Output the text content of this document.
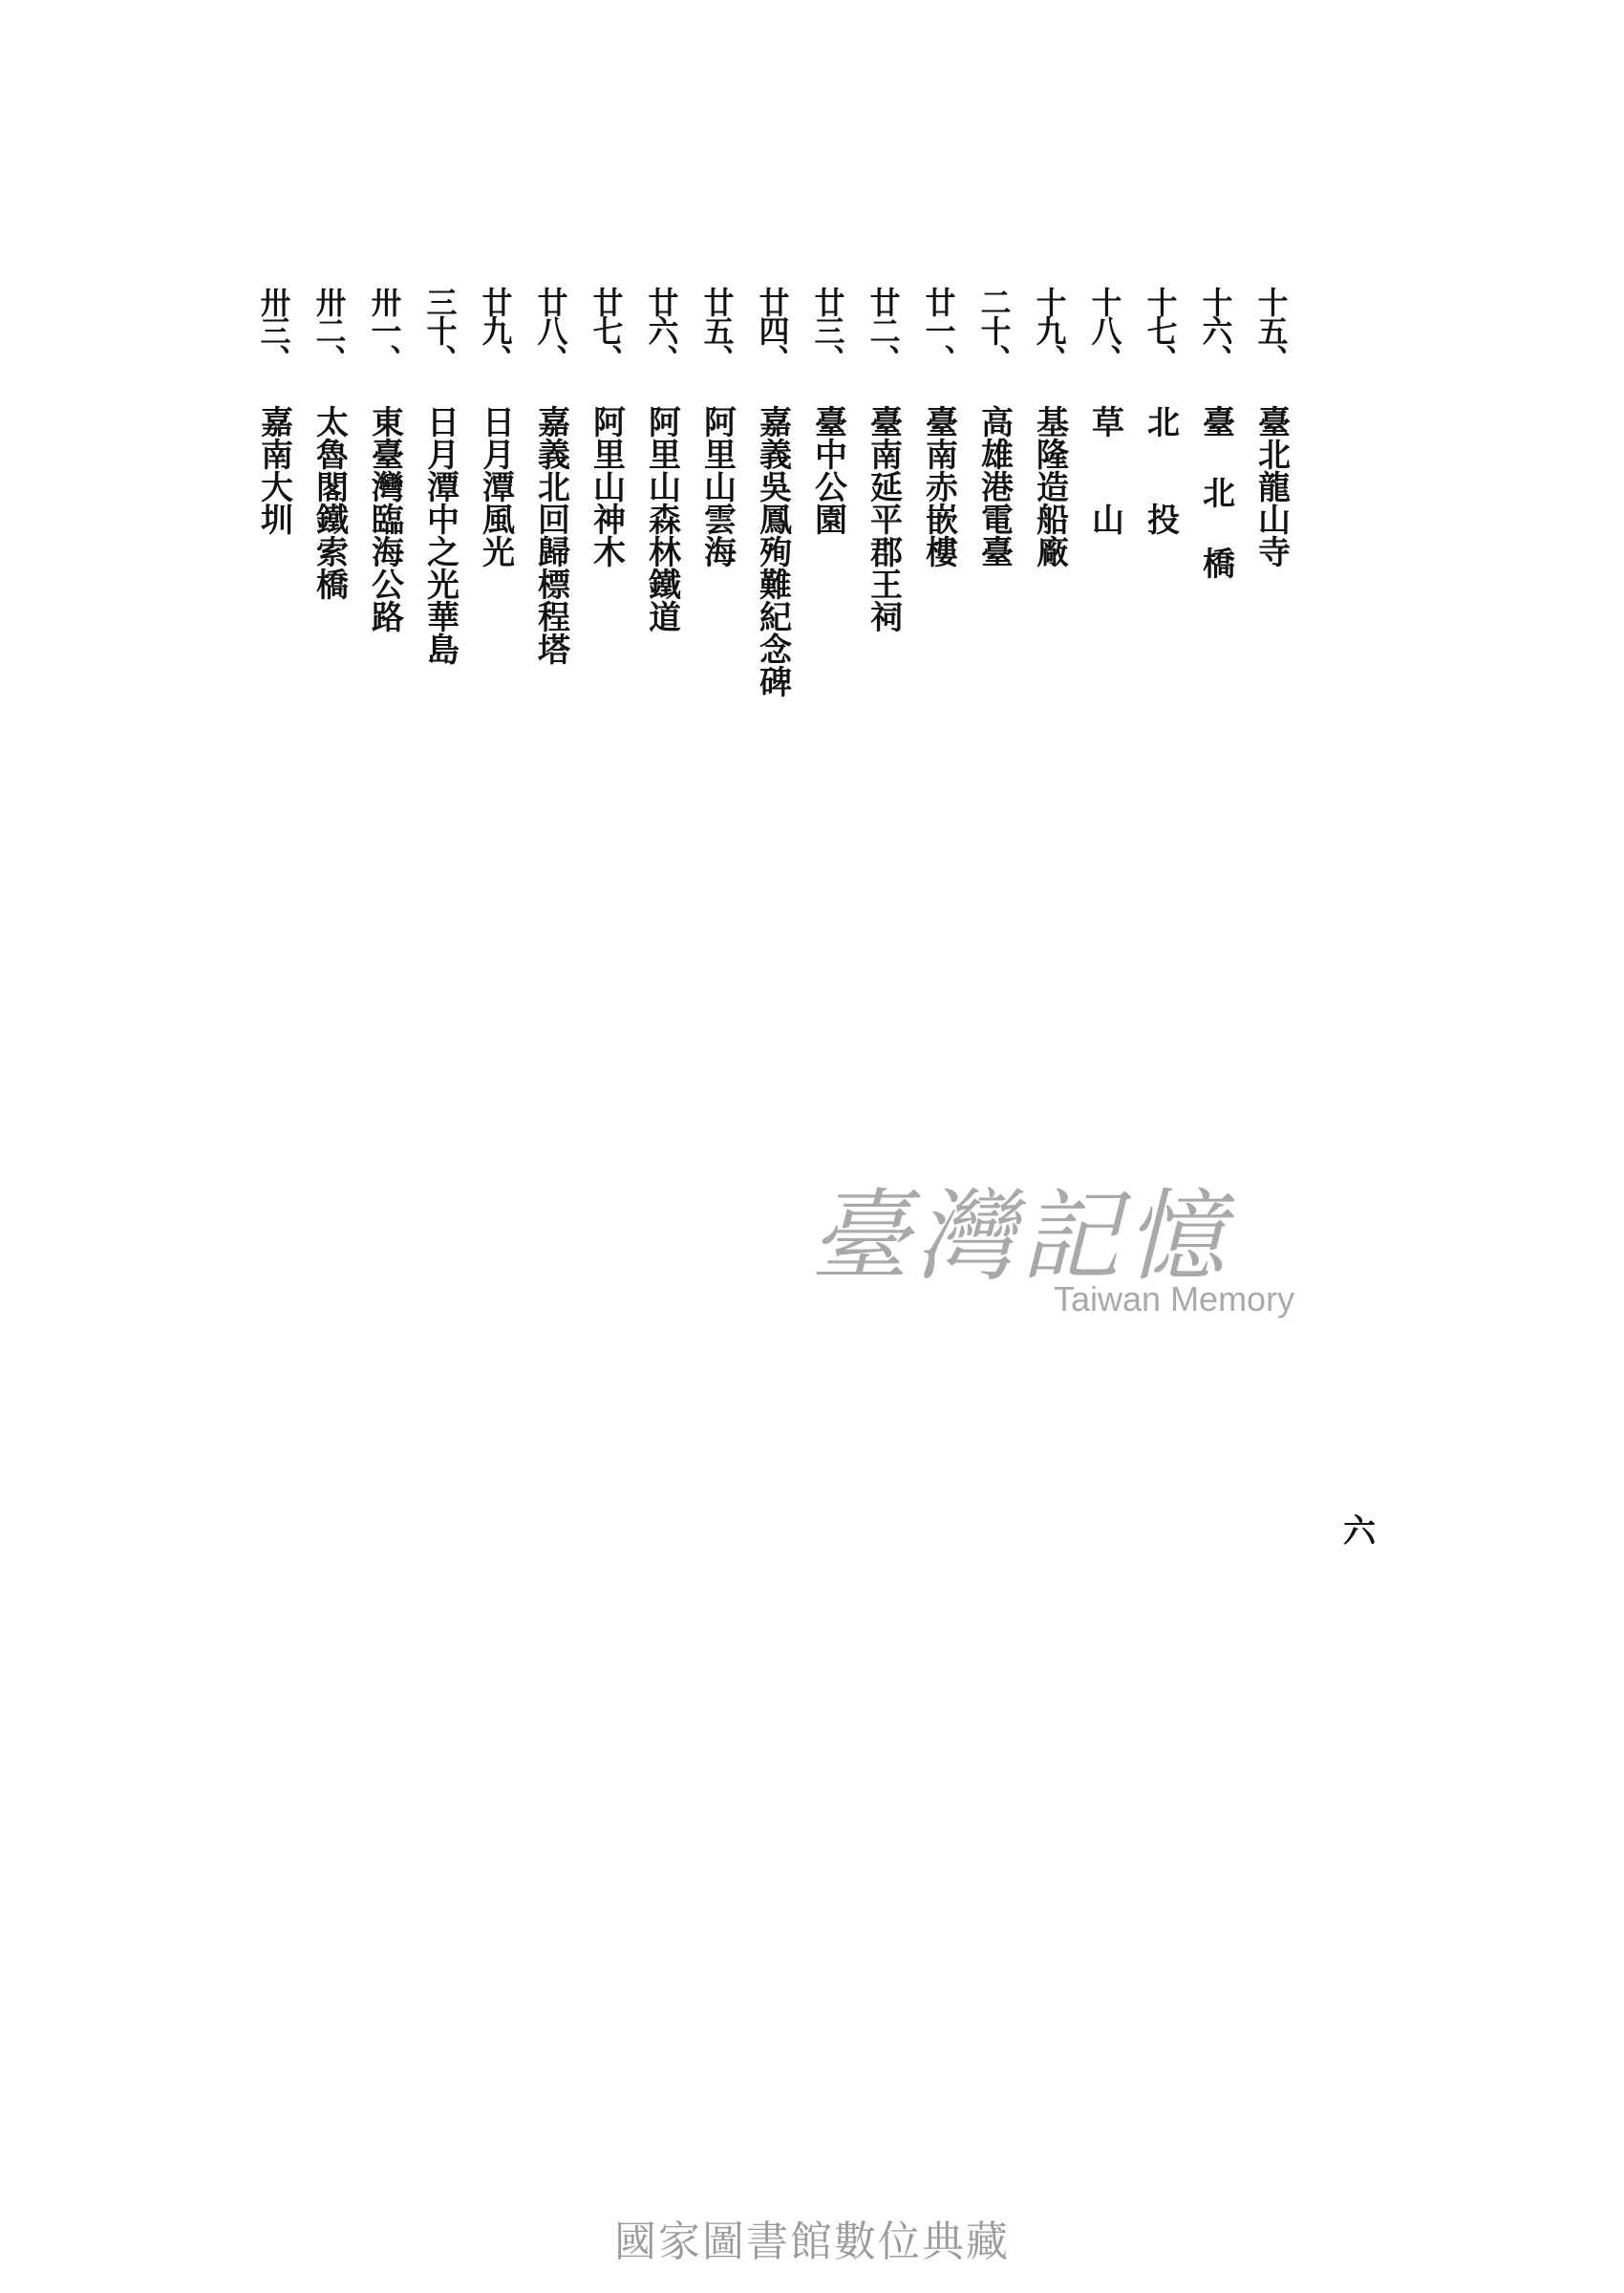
十五、
臺北龍山寺
十六、
臺 北 橋
十七、
北　　投
十八、
草　　山
十九、
基隆造船廠
二十、
高雄港電臺
廿一、
臺南赤嵌樓
廿二、
臺南延平郡王祠
廿三、
臺中公園
廿四、
嘉義吳鳳殉難紀念碑
廿五、
阿里山雲海
廿六、
阿里山森林鐵道
廿七、
阿里山神木
廿八、
嘉義北回歸標程塔
廿九、
日月潭風光
三十、
日月潭中之光華島
卅一、
東臺灣臨海公路
卅二、
太魯閣鐵索橋
卅三、
嘉南大圳
臺灣記憶
Taiwan Memory
六
國家圖書館數位典藏
